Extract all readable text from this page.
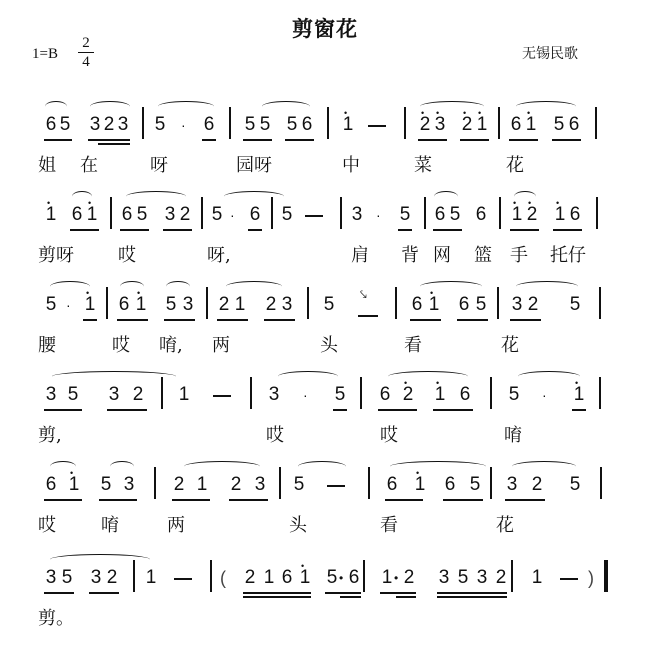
剪窗花
$1=B \frac{2}{4}$	无锡民歌
6 5 3 2 3 5 · 6 5 5 5 6 • 1	• 2 • 3 • 2 • 1 6 • 1 5 6
姐 在	呀	园呀	中	菜	花
• 1 6 • 1 6 5 3 2 5 · 6 5	3 · 5 6 5 6 • 1 • 2 • 1 6
剪呀 哎	呀,	肩 背 网 篮 手 托仔
5 · • 1 6 • 1 5 3 2 1 2 3 5 ⤥ 6 • 1 6 5 3 2 5
腰	哎 唷, 两	头	看	花
3 5 3 2 1	3 · 5 6 • 2 • 1 6 5 · • 1
剪,	哎	哎	唷
6 • 1 5 3 2 1 2 3 5	6 • 1 6 5 3 2 5
哎	唷	两	头	看	花
3 5 3 2 1	( 2 1 6 • 1 5 • 6 1 • 2 3 5 3 2 1	)
剪。
